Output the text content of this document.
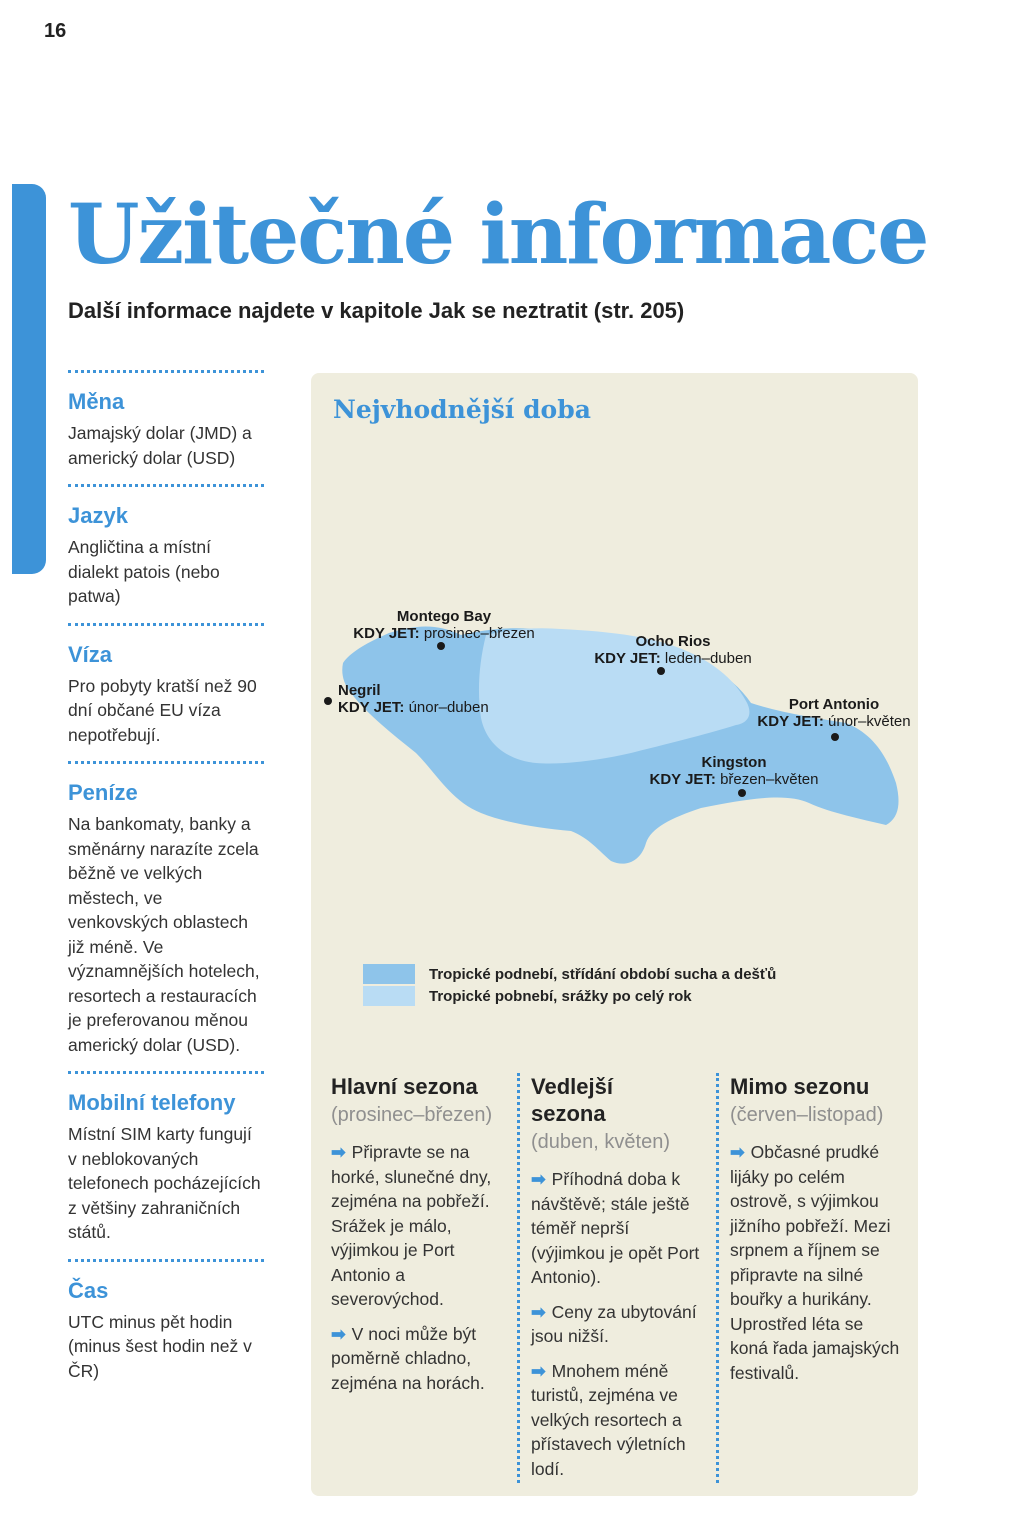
16
Užitečné informace
Další informace najdete v kapitole Jak se neztratit (str. 205)

Měna

Jamajský dolar (JMD) a americký dolar (USD)

Jazyk

Angličtina a místní dialekt patois (nebo patwa)

Víza

Pro pobyty kratší než 90 dní občané EU víza nepotřebují.

Peníze

Na bankomaty, banky a směnárny narazíte zcela běžně ve velkých městech, ve venkovských oblastech již méně. Ve významnějších hotelech, resortech a restauracích je preferovanou měnou americký dolar (USD).

Mobilní telefony

Místní SIM karty fungují v neblokovaných telefonech pocházejících z většiny zahraničních států.

Čas

UTC minus pět hodin (minus šest hodin než v ČR)

Nejvhodnější doba
Negril
KDY JET: únor–duben
Montego Bay
KDY JET: prosinec–březen	Ocho Rios
KDY JET: leden–duben
Port Antonio
KDY JET: únor–květen
Kingston
KDY JET: březen–květen
Tropické podnebí, střídání období sucha a dešťů
Tropické pobnebí, srážky po celý rok

Hlavní sezona

(prosinec–březen)

➡ Připravte se na horké, slunečné dny, zejména na pobřeží. Srážek je málo, výjimkou je Port Antonio a severovýchod.

➡ V noci může být poměrně chladno, zejména na horách.

Vedlejší sezona

(duben, květen)

➡ Příhodná doba k návštěvě; stále ještě téměř neprší (výjimkou je opět Port Antonio).

➡ Ceny za ubytování jsou nižší.

➡ Mnohem méně turistů, zejména ve velkých resortech a přístavech výletních lodí.

Mimo sezonu

(červen–listopad)

➡ Občasné prudké lijáky po celém ostrově, s výjimkou jižního pobřeží. Mezi srpnem a říjnem se připravte na silné bouřky a hurikány. Uprostřed léta se koná řada jamajských festivalů.
